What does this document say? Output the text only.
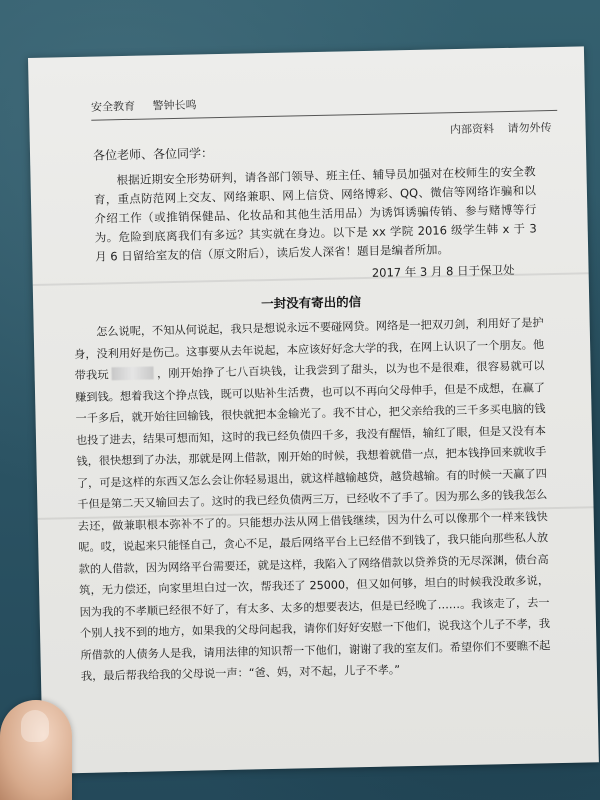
安全教育 警钟长鸣
内部资料 请勿外传
各位老师、各位同学：
根据近期安全形势研判，请各部门领导、班主任、辅导员加强对在校师生的安全教育，重点防范网上交友、网络兼职、网上信贷、网络博彩、QQ、微信等网络诈骗和以介绍工作（或推销保健品、化妆品和其他生活用品）为诱饵诱骗传销、参与赌博等行为。危险到底离我们有多远？其实就在身边。以下是 xx 学院 2016 级学生韩 x 于 3 月 6 日留给室友的信（原文附后），读后发人深省！题目是编者所加。
2017 年 3 月 8 日于保卫处
一封没有寄出的信

怎么说呢，不知从何说起，我只是想说永远不要碰网贷。网络是一把双刃剑，利用好了是护身，没利用好是伤己。这事要从去年说起，本应该好好念大学的我，在网上认识了一个朋友。他带我玩	，刚开始挣了七八百块钱，让我尝到了甜头，以为也不是很难，很容易就可以赚到钱。想着我这个挣点钱，既可以贴补生活费，也可以不再向父母伸手，但是不成想，在赢了一千多后，就开始往回输钱，很快就把本金输光了。我不甘心，把父亲给我的三千多买电脑的钱也投了进去，结果可想而知，这时的我已经负债四千多，我没有醒悟，输红了眼，但是又没有本钱，很快想到了办法，那就是网上借款，刚开始的时候，我想着就借一点，把本钱挣回来就收手了，可是这样的东西又怎么会让你轻易退出，就这样越输越贷，越贷越输。有的时候一天赢了四千但是第二天又输回去了。这时的我已经负债两三万，已经收不了手了。因为那么多的钱我怎么去还，做兼职根本弥补不了的。只能想办法从网上借钱继续，因为什么可以像那个一样来钱快呢。哎，说起来只能怪自己，贪心不足，最后网络平台上已经借不到钱了，我只能向那些私人放款的人借款，因为网络平台需要还，就是这样，我陷入了网络借款以贷养贷的无尽深渊，债台高筑，无力偿还，向家里坦白过一次，帮我还了 25000，但又如何够，坦白的时候我没敢多说，因为我的不孝顺已经很不好了，有太多、太多的想要表达，但是已经晚了……。我该走了，去一个别人找不到的地方，如果我的父母问起我，请你们好好安慰一下他们，说我这个儿子不孝，我所借款的人债务人是我，请用法律的知识帮一下他们，谢谢了我的室友们。希望你们不要瞧不起我，最后帮我给我的父母说一声：“爸、妈，对不起，儿子不孝。”
